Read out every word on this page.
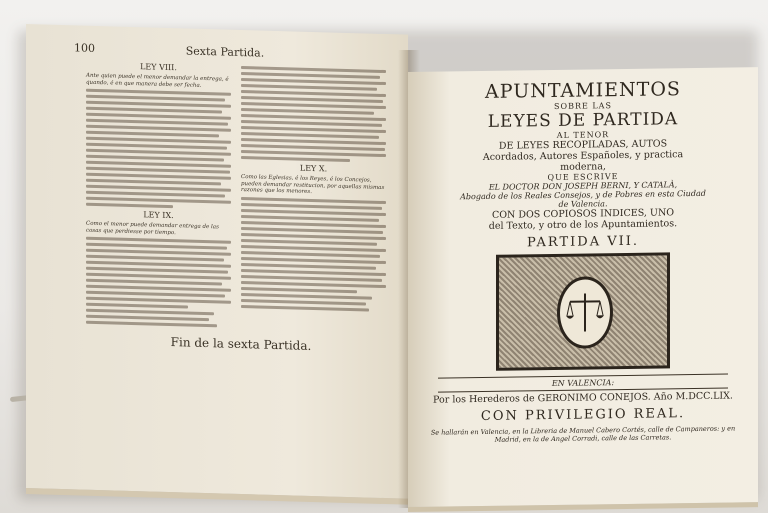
100	Sexta Partida.
LEY VIII.
Ante quien puede el menor demandar la entrega, é quando, é en que manera debe ser fecha.
LEY IX.
Como el menor puede demandar entrega de las cosas que perdiesse por tiempo.
LEY X.
Como las Eglesias, é los Reyes, é los Concejos, pueden demandar restitucion, por aquellas mismas razones que los menores.
Fin de la sexta Partida.
APUNTAMIENTOS
SOBRE LAS
LEYES DE PARTIDA
AL TENOR
DE LEYES RECOPILADAS, AUTOS
Acordados, Autores Españoles, y practica
moderna,
QUE ESCRIVE
EL DOCTOR DON JOSEPH BERNI, Y CATALÀ,
Abogado de los Reales Consejos, y de Pobres en esta Ciudad
de Valencia.
CON DOS COPIOSOS INDICES, UNO
del Texto, y otro de los Apuntamientos.
PARTIDA VII.
EN VALENCIA:
Por los Herederos de GERONIMO CONEJOS. Año M.DCC.LIX.
CON PRIVILEGIO REAL.
Se hallarán en Valencia, en la Libreria de Manuel Cabero Cortés, calle de Campaneros: y en Madrid, en la de Angel Corradi, calle de las Carretas.
